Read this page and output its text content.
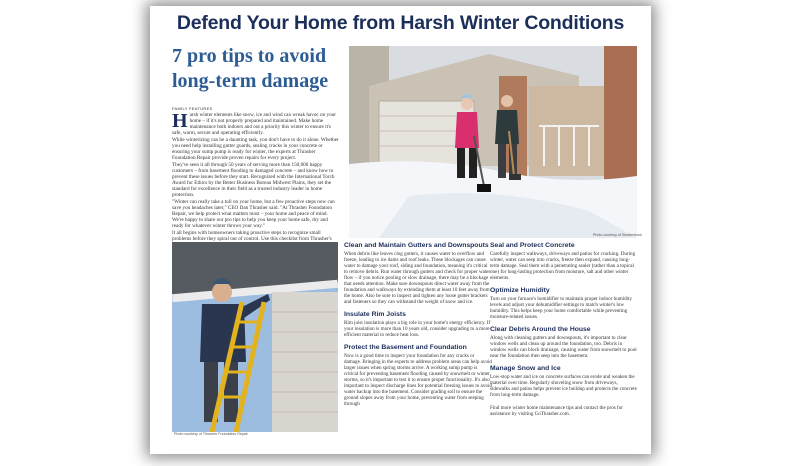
Defend Your Home from Harsh Winter Conditions
7 pro tips to avoid long-term damage
FAMILY FEATURES

Harsh winter elements like snow, ice and wind can wreak havoc on your home – if it's not properly prepared and maintained. Make home maintenance both indoors and out a priority this winter to ensure it's safe, warm, secure and operating efficiently.

While winterizing can be a daunting task, you don't have to do it alone. Whether you need help installing gutter guards, sealing cracks in your concrete or ensuring your sump pump is ready for winter, the experts at Thrasher Foundation Repair provide proven repairs for every project.

They've seen it all through 50 years of serving more than 150,000 happy customers – from basement flooding to damaged concrete – and know how to prevent these issues before they start. Recognized with the International Torch Award for Ethics by the Better Business Bureau Midwest Plains, they set the standard for excellence in their field as a trusted industry leader in home protection.

"Winter can really take a toll on your home, but a few proactive steps now can save you headaches later," CEO Dan Thrasher said. "At Thrasher Foundation Repair, we help protect what matters most – your home and peace of mind. We're happy to share our pro tips to help you keep your home safe, dry and ready for whatever winter throws your way."

It all begins with homeowners taking proactive steps to recognize small problems before they spiral out of control. Use this checklist from Thrasher's

Photo courtesy of Shutterstock
Photo courtesy of Thrasher Foundation Repair
Clean and Maintain Gutters and Downspouts

When debris like leaves clog gutters, it causes water to overflow and freeze, leading to ice dams and roof leaks. These blockages can cause water to damage your roof, siding and foundation, meaning it's critical to remove debris. Run water through gutters and check for proper water flow – if you notice pooling or slow drainage, there may be a blockage that needs attention. Make sure downspouts direct water away from the foundation and walkways by extending them at least 10 feet away from the home. Also be sure to inspect and tighten any loose gutter brackets and fasteners so they can withstand the weight of snow and ice.

Insulate Rim Joists

Rim joist insulation plays a big role in your home's energy efficiency. If your insulation is more than 10 years old, consider upgrading to a more efficient material to reduce heat loss.

Protect the Basement and Foundation

Now is a good time to inspect your foundation for any cracks or damage. Bringing in the experts to address problem areas can help avoid larger issues when spring storms arrive. A working sump pump is critical for preventing basement flooding caused by snowmelt or winter storms, so it's important to test it to ensure proper functionality. It's also important to inspect discharge lines for potential freezing issues to avoid water backup into the basement. Consider grading soil to ensure the ground slopes away from your home, preventing water from seeping through

Seal and Protect Concrete

Carefully inspect walkways, driveways and patios for cracking. During winter, water can seep into cracks, freeze then expand, causing long-term damage. Seal them with a penetrating sealer (rather than a topical one) for long-lasting protection from moisture, salt and other winter elements.

Optimize Humidity

Turn on your furnace's humidifier to maintain proper indoor humidity levels and adjust your dehumidifier settings to match winter's low humidity. This helps keep your home comfortable while preventing moisture-related issues.

Clear Debris Around the House

Along with cleaning gutters and downspouts, it's important to clear window wells and clean up around the foundation, too. Debris in window wells can block drainage, causing water from snowmelt to pool near the foundation then seep into the basement.

Manage Snow and Ice

Low-stop water and ice on concrete surfaces can erode and weaken the material over time. Regularly shoveling snow from driveways, sidewalks and patios helps prevent ice buildup and protects the concrete from long-term damage.

Find more winter home maintenance tips and contact the pros for assistance by visiting GoThrasher.com.
